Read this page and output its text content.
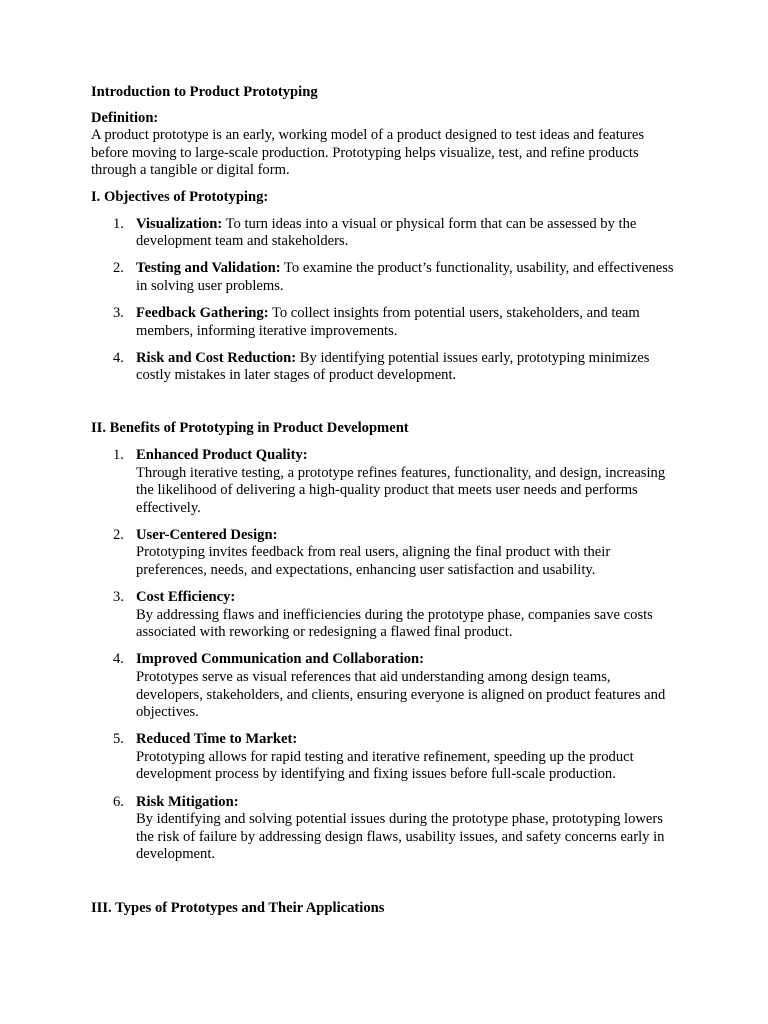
Introduction to Product Prototyping

Definition:

A product prototype is an early, working model of a product designed to test ideas and features before moving to large-scale production. Prototyping helps visualize, test, and refine products through a tangible or digital form.

I. Objectives of Prototyping:

1. Visualization: To turn ideas into a visual or physical form that can be assessed by the development team and stakeholders.
2. Testing and Validation: To examine the product’s functionality, usability, and effectiveness in solving user problems.
3. Feedback Gathering: To collect insights from potential users, stakeholders, and team members, informing iterative improvements.
4. Risk and Cost Reduction: By identifying potential issues early, prototyping minimizes costly mistakes in later stages of product development.

II. Benefits of Prototyping in Product Development

1. Enhanced Product Quality:
Through iterative testing, a prototype refines features, functionality, and design, increasing the likelihood of delivering a high-quality product that meets user needs and performs effectively.
2. User-Centered Design:
Prototyping invites feedback from real users, aligning the final product with their preferences, needs, and expectations, enhancing user satisfaction and usability.
3. Cost Efficiency:
By addressing flaws and inefficiencies during the prototype phase, companies save costs associated with reworking or redesigning a flawed final product.
4. Improved Communication and Collaboration:
Prototypes serve as visual references that aid understanding among design teams, developers, stakeholders, and clients, ensuring everyone is aligned on product features and objectives.
5. Reduced Time to Market:
Prototyping allows for rapid testing and iterative refinement, speeding up the product development process by identifying and fixing issues before full-scale production.
6. Risk Mitigation:
By identifying and solving potential issues during the prototype phase, prototyping lowers the risk of failure by addressing design flaws, usability issues, and safety concerns early in development.

III. Types of Prototypes and Their Applications
